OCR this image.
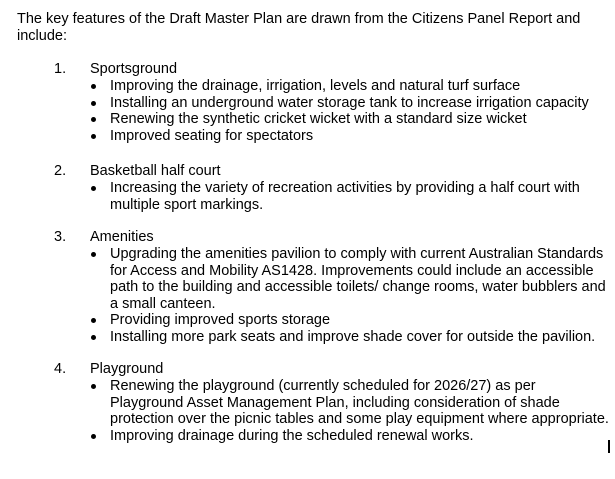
The key features of the Draft Master Plan are drawn from the Citizens Panel Report and include:
1. Sportsground
Improving the drainage, irrigation, levels and natural turf surface
Installing an underground water storage tank to increase irrigation capacity
Renewing the synthetic cricket wicket with a standard size wicket
Improved seating for spectators
2. Basketball half court
Increasing the variety of recreation activities by providing a half court with multiple sport markings.
3. Amenities
Upgrading the amenities pavilion to comply with current Australian Standards for Access and Mobility AS1428. Improvements could include an accessible path to the building and accessible toilets/ change rooms, water bubblers and a small canteen.
Providing improved sports storage
Installing more park seats and improve shade cover for outside the pavilion.
4. Playground
Renewing the playground (currently scheduled for 2026/27) as per Playground Asset Management Plan, including consideration of shade protection over the picnic tables and some play equipment where appropriate.
Improving drainage during the scheduled renewal works.
